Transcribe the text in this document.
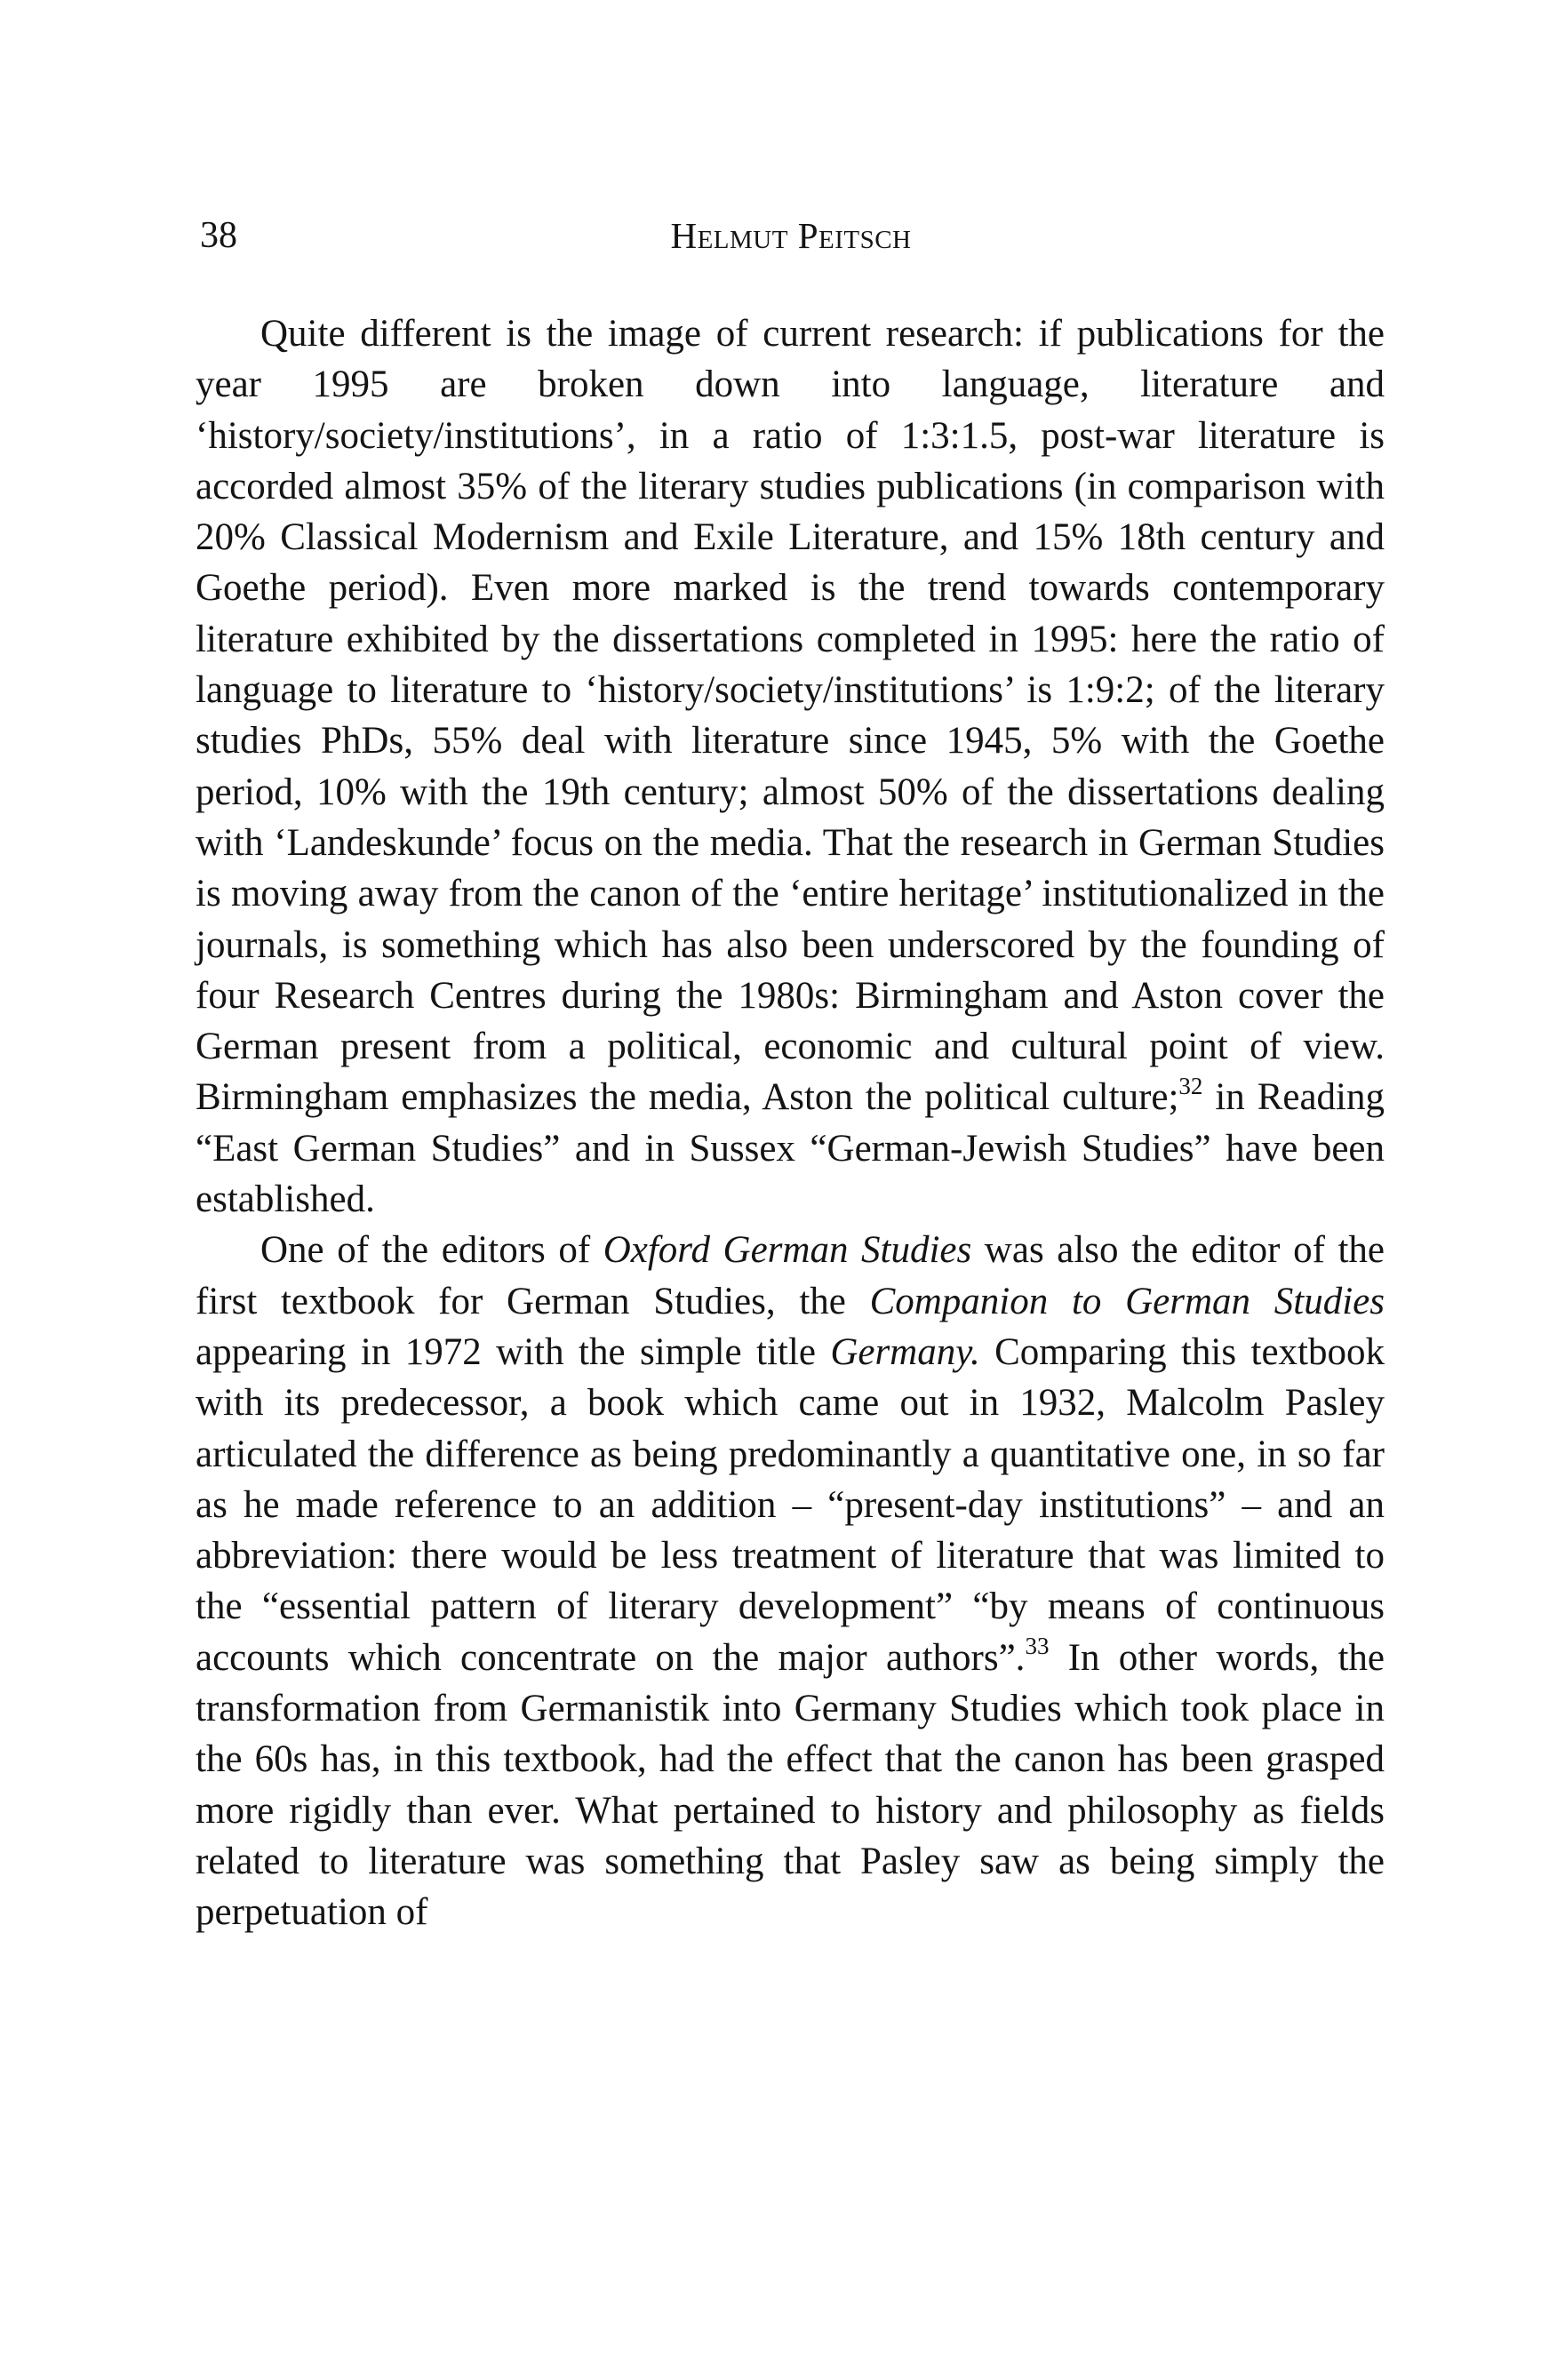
38	Helmut Peitsch

Quite different is the image of current research: if publications for the year 1995 are broken down into language, literature and ‘history/society/institutions’, in a ratio of 1:3:1.5, post-war literature is accorded almost 35% of the literary studies publications (in comparison with 20% Classical Modernism and Exile Literature, and 15% 18th century and Goethe period). Even more marked is the trend towards contemporary literature exhibited by the dissertations completed in 1995: here the ratio of language to literature to ‘history/society/institutions’ is 1:9:2; of the literary studies PhDs, 55% deal with literature since 1945, 5% with the Goethe period, 10% with the 19th century; almost 50% of the dissertations dealing with ‘Landeskunde’ focus on the media. That the research in German Studies is moving away from the canon of the ‘entire heritage’ institutionalized in the journals, is something which has also been underscored by the founding of four Research Centres during the 1980s: Birmingham and Aston cover the German present from a political, economic and cultural point of view. Birmingham emphasizes the media, Aston the political culture;$^{32}$ in Reading “East German Studies” and in Sussex “German-Jewish Studies” have been established.

One of the editors of Oxford German Studies was also the editor of the first textbook for German Studies, the Companion to German Studies appearing in 1972 with the simple title Germany. Comparing this textbook with its predecessor, a book which came out in 1932, Malcolm Pasley articulated the difference as being predominantly a quantitative one, in so far as he made reference to an addition – “present-day institutions” – and an abbreviation: there would be less treatment of literature that was limited to the “essential pattern of literary development” “by means of continuous accounts which concentrate on the major authors”.$^{33}$ In other words, the transformation from Germanistik into Germany Studies which took place in the 60s has, in this textbook, had the effect that the canon has been grasped more rigidly than ever. What pertained to history and philosophy as fields related to literature was something that Pasley saw as being simply the perpetuation of
